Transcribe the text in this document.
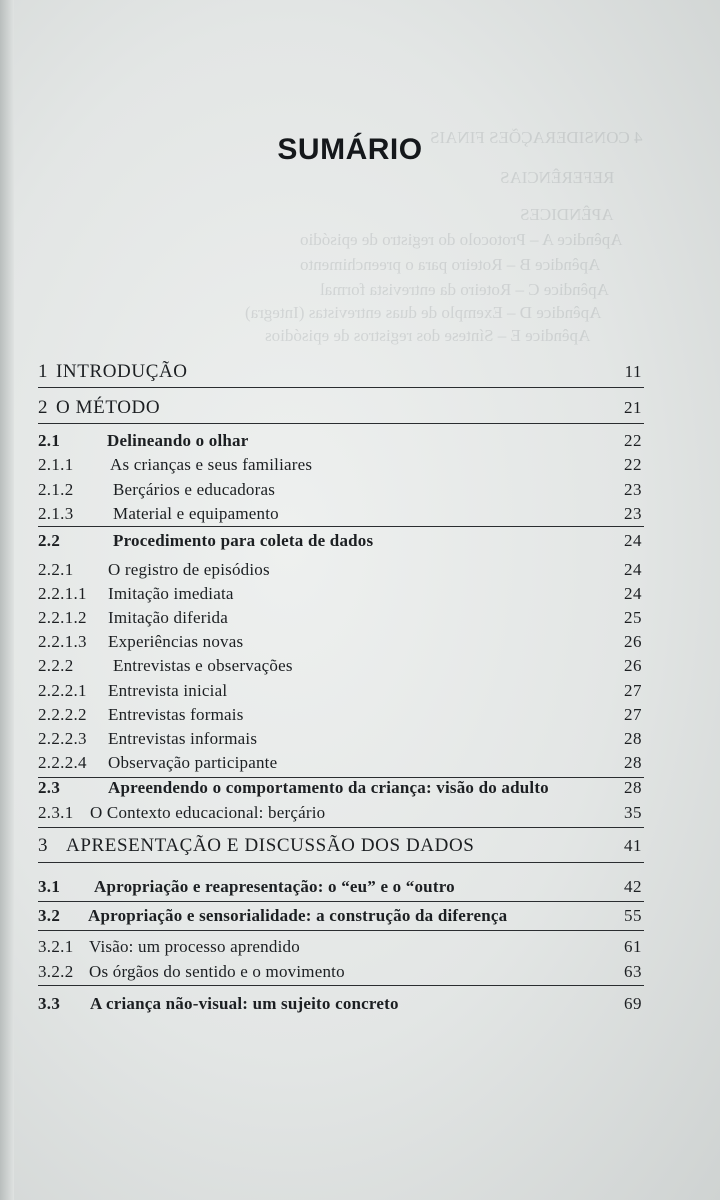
4 CONSIDERAÇÕES FINAIS
REFERÊNCIAS
APÊNDICES
Apêndice A – Protocolo do registro de episódio
Apêndice B – Roteiro para o preenchimento
Apêndice C – Roteiro da entrevista formal
Apêndice D – Exemplo de duas entrevistas (Integra)
Apêndice E – Síntese dos registros de episódios
SUMÁRIO
1 INTRODUÇÃO	11
2 O MÉTODO	21
2.1	Delineando o olhar	22
2.1.1 As crianças e seus familiares	22
2.1.2 Berçários e educadoras	23
2.1.3 Material e equipamento	23
2.2	Procedimento para coleta de dados	24
2.2.1 O registro de episódios	24
2.2.1.1 Imitação imediata	24
2.2.1.2 Imitação diferida	25
2.2.1.3 Experiências novas	26
2.2.2 Entrevistas e observações	26
2.2.2.1 Entrevista inicial	27
2.2.2.2 Entrevistas formais	27
2.2.2.3 Entrevistas informais	28
2.2.2.4 Observação participante	28
2.3	Apreendendo o comportamento da criança: visão do adulto	28
2.3.1 O Contexto educacional: berçário	35
3 APRESENTAÇÃO E DISCUSSÃO DOS DADOS	41
3.1 Apropriação e reapresentação: o “eu” e o “outro	42
3.2 Apropriação e sensorialidade: a construção da diferença	55
3.2.1 Visão: um processo aprendido	61
3.2.2 Os órgãos do sentido e o movimento	63
3.3 A criança não-visual: um sujeito concreto	69
